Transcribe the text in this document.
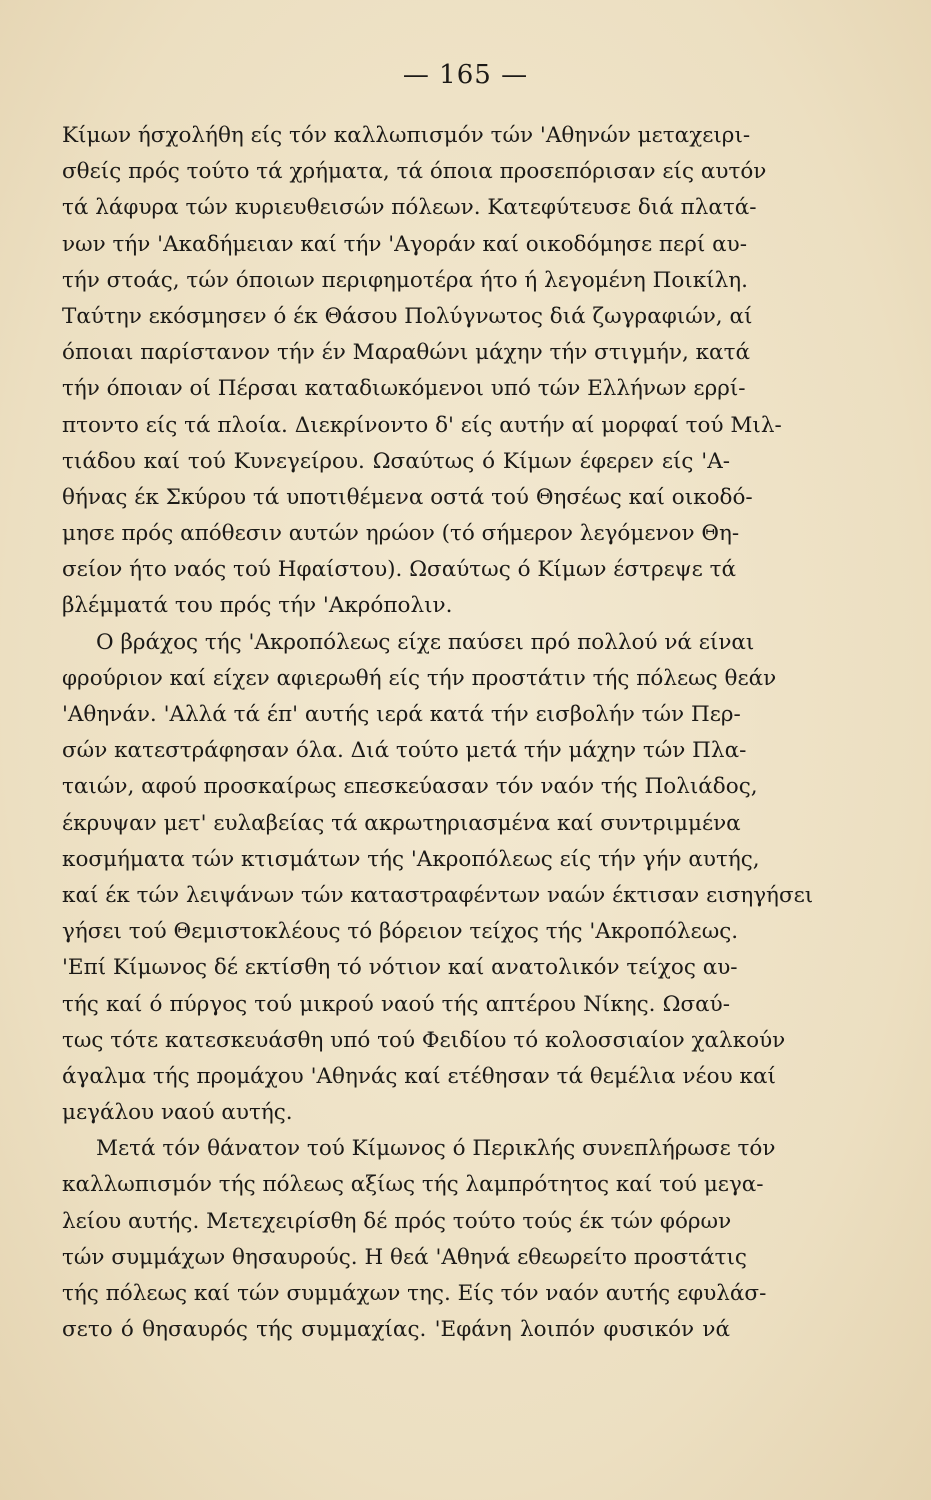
— 165 —
Κίμων ήσχολήθη είς τόν καλλωπισμόν τών 'Αθηνών μεταχειρι-
σθείς πρός τούτο τά χρήματα, τά όποια προσεπόρισαν είς αυτόν
τά λάφυρα τών κυριευθεισών πόλεων. Κατεφύτευσε διά πλατά-
νων τήν 'Ακαδήμειαν καί τήν 'Αγοράν καί οικοδόμησε περί αυ-
τήν στοάς, τών όποιων περιφημοτέρα ήτο ή λεγομένη Ποικίλη.
Ταύτην εκόσμησεν ό έκ Θάσου Πολύγνωτος διά ζωγραφιών, αί
όποιαι παρίστανον τήν έν Μαραθώνι μάχην τήν στιγμήν, κατά
τήν όποιαν οί Πέρσαι καταδιωκόμενοι υπό τών Ελλήνων ερρί-
πτοντο είς τά πλοία. Διεκρίνοντο δ' είς αυτήν αί μορφαί τού Μιλ-
τιάδου καί τού Κυνεγείρου. Ωσαύτως ό Κίμων έφερεν είς 'Α-
θήνας έκ Σκύρου τά υποτιθέμενα οστά τού Θησέως καί οικοδό-
μησε πρός απόθεσιν αυτών ηρώον (τό σήμερον λεγόμενον Θη-
σείον ήτο ναός τού Ηφαίστου). Ωσαύτως ό Κίμων έστρεψε τά
βλέμματά του πρός τήν 'Ακρόπολιν.
Ο βράχος τής 'Ακροπόλεως είχε παύσει πρό πολλού νά είναι
φρούριον καί είχεν αφιερωθή είς τήν προστάτιν τής πόλεως θεάν
'Αθηνάν. 'Αλλά τά έπ' αυτής ιερά κατά τήν εισβολήν τών Περ-
σών κατεστράφησαν όλα. Διά τούτο μετά τήν μάχην τών Πλα-
ταιών, αφού προσκαίρως επεσκεύασαν τόν ναόν τής Πολιάδος,
έκρυψαν μετ' ευλαβείας τά ακρωτηριασμένα καί συντριμμένα
κοσμήματα τών κτισμάτων τής 'Ακροπόλεως είς τήν γήν αυτής,
καί έκ τών λειψάνων τών καταστραφέντων ναών έκτισαν εισηγήσει
γήσει τού Θεμιστοκλέους τό βόρειον τείχος τής 'Ακροπόλεως.
'Επί Κίμωνος δέ εκτίσθη τό νότιον καί ανατολικόν τείχος αυ-
τής καί ό πύργος τού μικρού ναού τής απτέρου Νίκης. Ωσαύ-
τως τότε κατεσκευάσθη υπό τού Φειδίου τό κολοσσιαίον χαλκούν
άγαλμα τής προμάχου 'Αθηνάς καί ετέθησαν τά θεμέλια νέου καί
μεγάλου ναού αυτής.
Μετά τόν θάνατον τού Κίμωνος ό Περικλής συνεπλήρωσε τόν
καλλωπισμόν τής πόλεως αξίως τής λαμπρότητος καί τού μεγα-
λείου αυτής. Μετεχειρίσθη δέ πρός τούτο τούς έκ τών φόρων
τών συμμάχων θησαυρούς. Η θεά 'Αθηνά εθεωρείτο προστάτις
τής πόλεως καί τών συμμάχων της. Είς τόν ναόν αυτής εφυλάσ-
σετο ό θησαυρός τής συμμαχίας. 'Εφάνη λοιπόν φυσικόν νά
